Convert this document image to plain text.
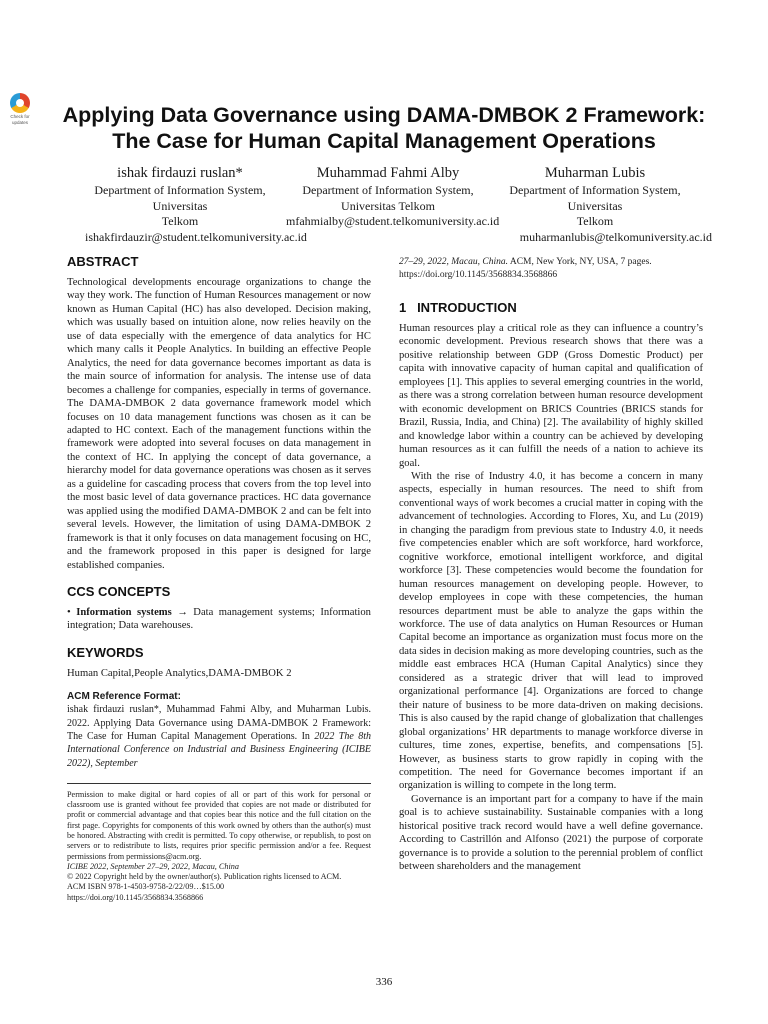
Check for
updates	Applying Data Governance using DAMA-DMBOK 2 Framework:
The Case for Human Capital Management Operations
ishak firdauzi ruslan*
Department of Information System,
Universitas
Telkom
ishakfirdauzir@student.telkomuniversity.ac.id
Muhammad Fahmi Alby
Department of Information System,
Universitas Telkom
mfahmialby@student.telkomuniversity.ac.id
Muharman Lubis
Department of Information System,
Universitas
Telkom
muharmanlubis@telkomuniversity.ac.id
ABSTRACT

Technological developments encourage organizations to change the way they work. The function of Human Resources management or now known as Human Capital (HC) has also developed. Decision making, which was usually based on intuition alone, now relies heavily on the use of data especially with the emergence of data analytics for HC which many calls it People Analytics. In building an effective People Analytics, the need for data governance becomes important as data is the main source of information for analysis. The intense use of data becomes a challenge for companies, especially in terms of governance. The DAMA-DMBOK 2 data governance framework model which focuses on 10 data management functions was chosen as it can be adapted to HC context. Each of the management functions within the framework were adopted into several focuses on data management in the context of HC. In applying the concept of data governance, a hierarchy model for data governance operations was chosen as it serves as a guideline for cascading process that covers from the top level into the most basic level of data governance practices. HC data governance was applied using the modified DAMA-DMBOK 2 and can be felt into several levels. However, the limitation of using DAMA-DMBOK 2 framework is that it only focuses on data management focusing on HC, and the framework proposed in this paper is designed for large established companies.

CCS CONCEPTS

• Information systems → Data management systems; Information integration; Data warehouses.

KEYWORDS

Human Capital,People Analytics,DAMA-DMBOK 2

ACM Reference Format:
ishak firdauzi ruslan*, Muhammad Fahmi Alby, and Muharman Lubis. 2022. Applying Data Governance using DAMA-DMBOK 2 Framework: The Case for Human Capital Management Operations. In 2022 The 8th International Conference on Industrial and Business Engineering (ICIBE 2022), September
Permission to make digital or hard copies of all or part of this work for personal or classroom use is granted without fee provided that copies are not made or distributed for profit or commercial advantage and that copies bear this notice and the full citation on the first page. Copyrights for components of this work owned by others than the author(s) must be honored. Abstracting with credit is permitted. To copy otherwise, or republish, to post on servers or to redistribute to lists, requires prior specific permission and/or a fee. Request permissions from permissions@acm.org.
ICIBE 2022, September 27–29, 2022, Macau, China
© 2022 Copyright held by the owner/author(s). Publication rights licensed to ACM.
ACM ISBN 978-1-4503-9758-2/22/09…$15.00
https://doi.org/10.1145/3568834.3568866
27–29, 2022, Macau, China. ACM, New York, NY, USA, 7 pages. https://doi.org/10.1145/3568834.3568866
1   INTRODUCTION

Human resources play a critical role as they can influence a country’s economic development. Previous research shows that there was a positive relationship between GDP (Gross Domestic Product) per capita with innovative capacity of human capital and qualification of employees [1]. This applies to several emerging countries in the world, as there was a strong correlation between human resource development with economic development on BRICS Countries (BRICS stands for Brazil, Russia, India, and China) [2]. The availability of highly skilled and knowledge labor within a country can be achieved by developing human resources as it can fulfill the needs of a nation to achieve its goal.

With the rise of Industry 4.0, it has become a concern in many aspects, especially in human resources. The need to shift from conventional ways of work becomes a crucial matter in coping with the advancement of technologies. According to Flores, Xu, and Lu (2019) in changing the paradigm from previous state to Industry 4.0, it needs five competencies enabler which are soft workforce, hard workforce, cognitive workforce, emotional intelligent workforce, and digital workforce [3]. These competencies would become the foundation for human resources management on developing people. However, to develop employees in cope with these competencies, the human resources department must be able to analyze the gaps within the workforce. The use of data analytics on Human Resources or Human Capital become an importance as organization must focus more on the data sides in decision making as more developing countries, such as the middle east embraces HCA (Human Capital Analytics) since they considered as a strategic driver that will lead to improved organizational performance [4]. Organizations are forced to change their nature of business to be more data-driven on making decisions. This is also caused by the rapid change of globalization that challenges global organizations’ HR departments to manage workforce diverse in cultures, time zones, expertise, benefits, and compensations [5]. However, as business starts to grow rapidly in coping with the competition. The need for Governance becomes important if an organization is willing to compete in the long term.

Governance is an important part for a company to have if the main goal is to achieve sustainability. Sustainable companies with a long historical positive track record would have a well define governance. According to Castrillón and Alfonso (2021) the purpose of corporate governance is to provide a solution to the perennial problem of conflict between shareholders and the management

336
